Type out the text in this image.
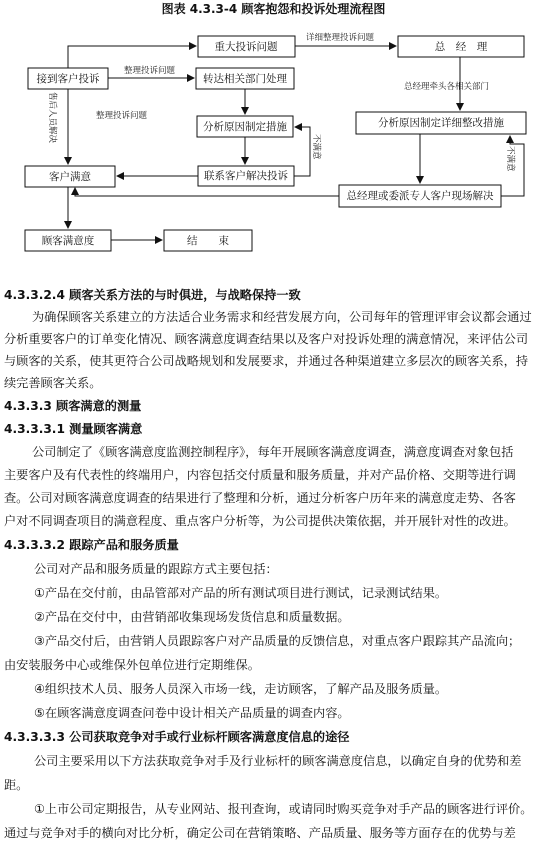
图表 4.3.3-4 顾客抱怨和投诉处理流程图
重大投诉问题	总　经　理
接到客户投诉	转达相关部门处理
分析原因制定措施	分析原因制定详细整改措施
联系客户解决投诉
客户满意
总经理或委派专人客户现场解决
顾客满意度	结　　束
详细整理投诉问题
整理投诉问题
整理投诉问题
总经理牵头各相关部门
售后人员解决
不满意	不满意
4.3.3.2.4 顾客关系方法的与时俱进，与战略保持一致
为确保顾客关系建立的方法适合业务需求和经营发展方向，公司每年的管理评审会议都会通过
分析重要客户的订单变化情况、顾客满意度调查结果以及客户对投诉处理的满意情况，来评估公司
与顾客的关系，使其更符合公司战略规划和发展要求，并通过各种渠道建立多层次的顾客关系，持
续完善顾客关系。
4.3.3.3 顾客满意的测量
4.3.3.3.1 测量顾客满意
公司制定了《顾客满意度监测控制程序》，每年开展顾客满意度调查，满意度调查对象包括
主要客户及有代表性的终端用户，内容包括交付质量和服务质量，并对产品价格、交期等进行调
查。公司对顾客满意度调查的结果进行了整理和分析，通过分析客户历年来的满意度走势、各客
户对不同调查项目的满意程度、重点客户分析等，为公司提供决策依据，并开展针对性的改进。
4.3.3.3.2 跟踪产品和服务质量
公司对产品和服务质量的跟踪方式主要包括：
①产品在交付前，由品管部对产品的所有测试项目进行测试，记录测试结果。
②产品在交付中，由营销部收集现场发货信息和质量数据。
③产品交付后，由营销人员跟踪客户对产品质量的反馈信息，对重点客户跟踪其产品流向；
由安装服务中心或维保外包单位进行定期维保。
④组织技术人员、服务人员深入市场一线，走访顾客，了解产品及服务质量。
⑤在顾客满意度调查问卷中设计相关产品质量的调查内容。
4.3.3.3.3 公司获取竞争对手或行业标杆顾客满意度信息的途径
公司主要采用以下方法获取竞争对手及行业标杆的顾客满意度信息，以确定自身的优势和差
距。
①上市公司定期报告，从专业网站、报刊查询，或请同时购买竞争对手产品的顾客进行评价。
通过与竞争对手的横向对比分析，确定公司在营销策略、产品质量、服务等方面存在的优势与差
